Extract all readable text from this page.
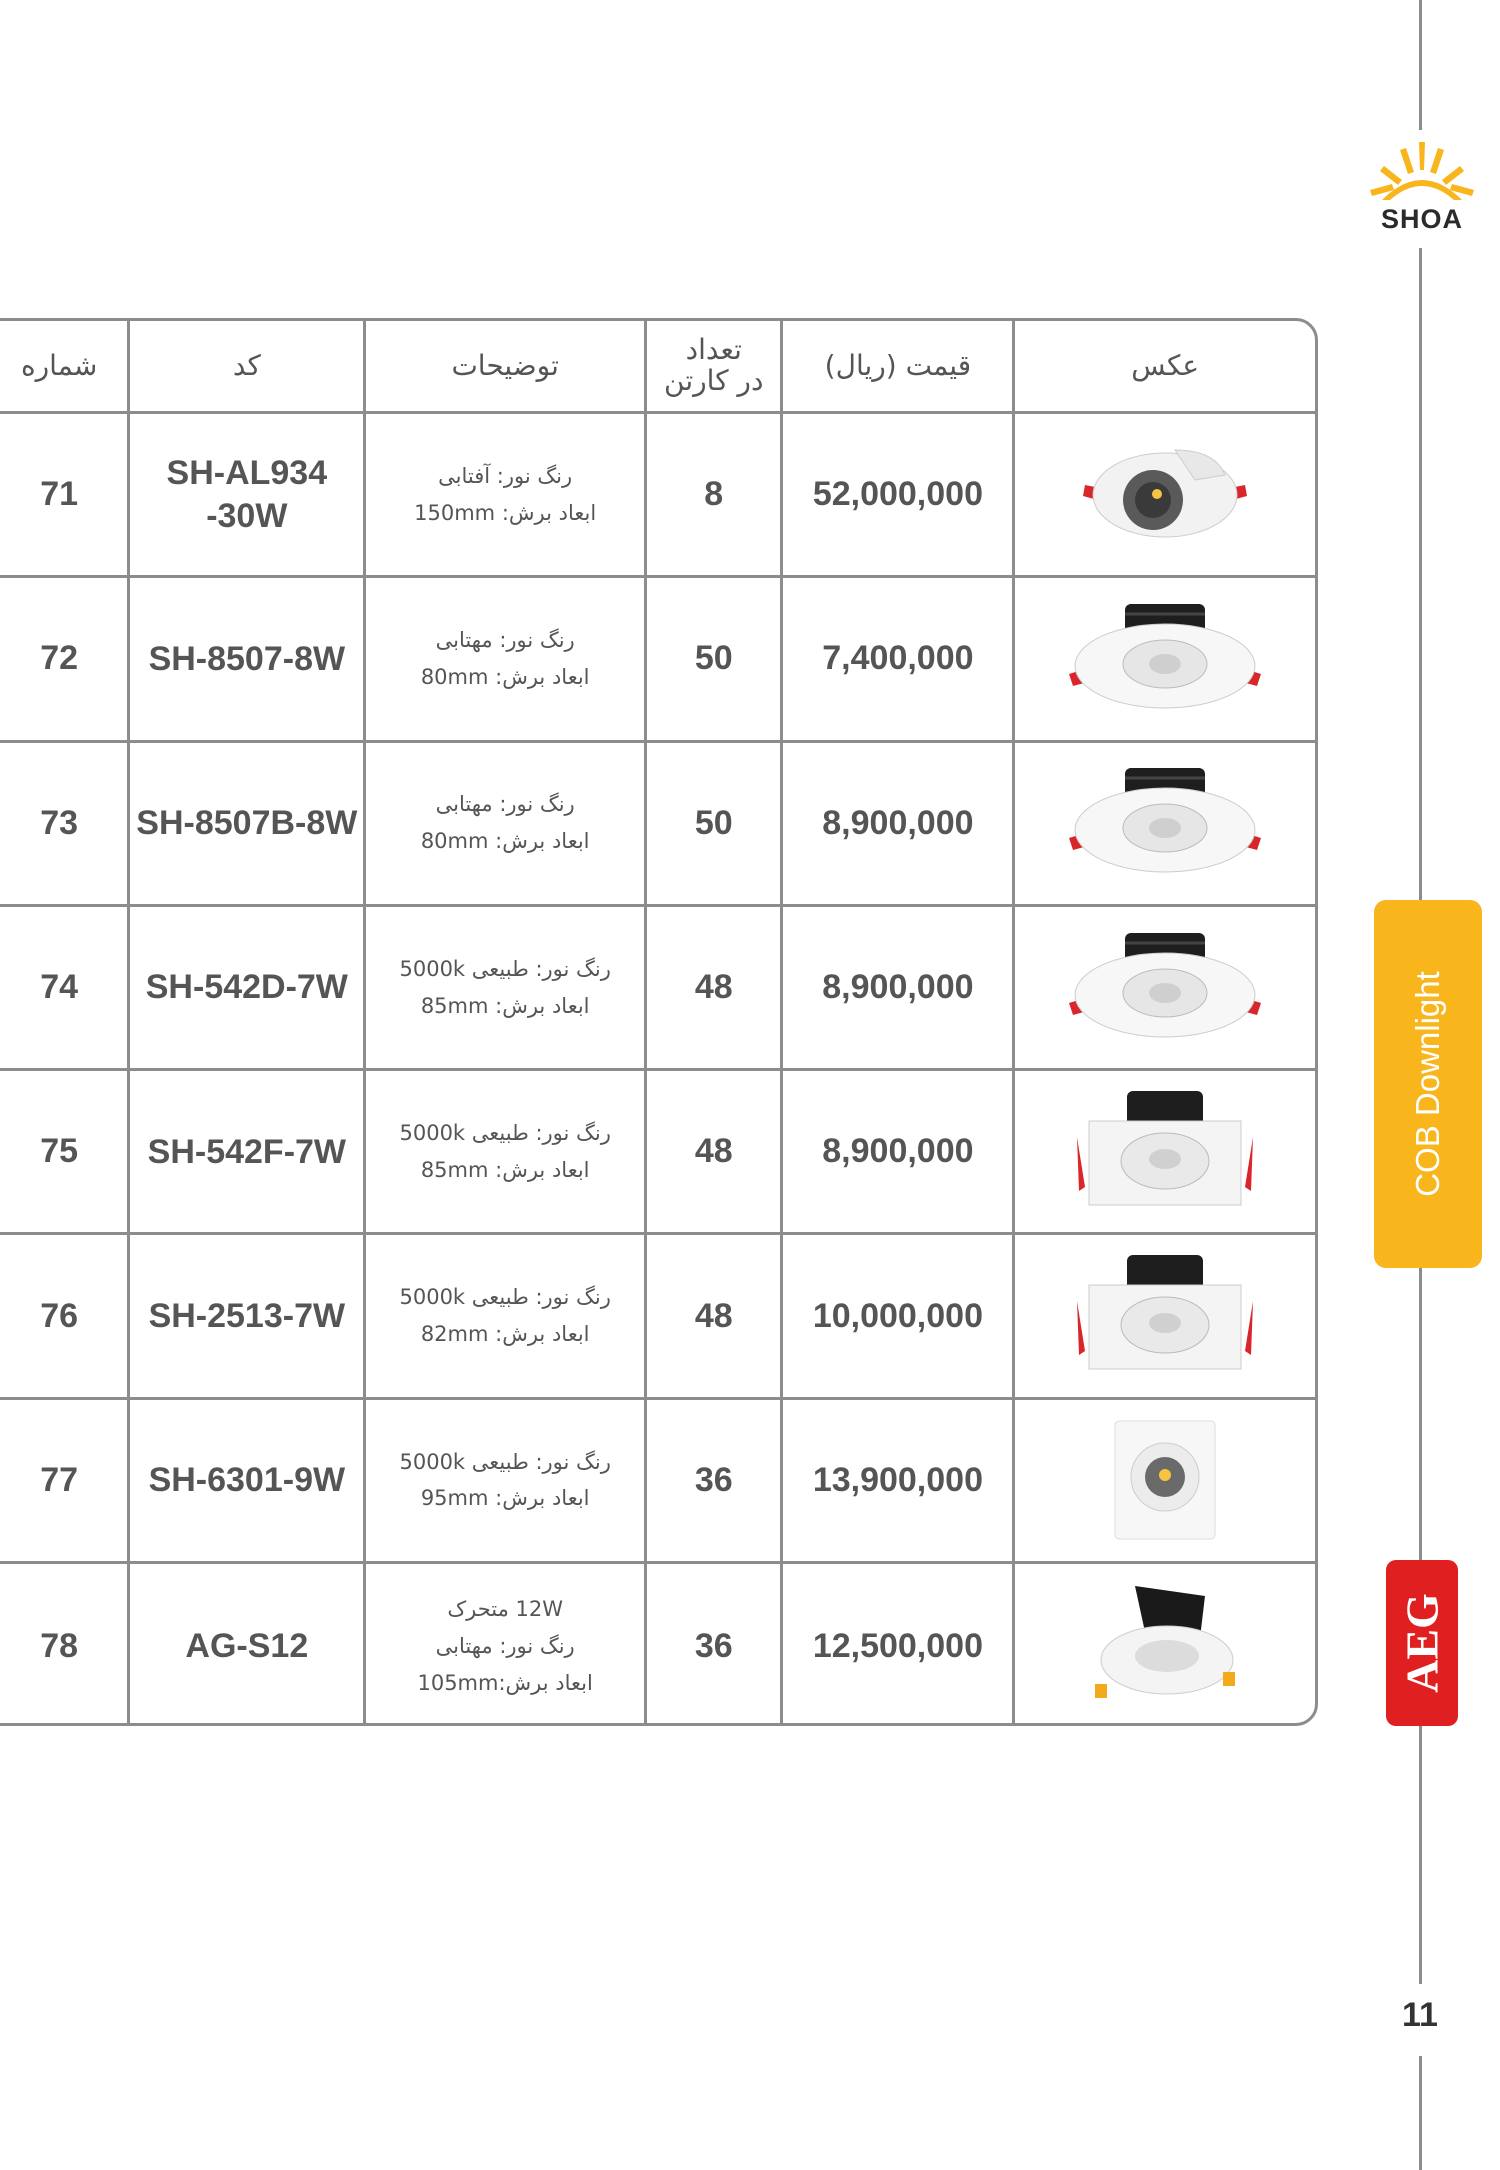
SHOA
COB Downlight
AEG
11
عکس
قیمت (ریال)
تعداد
در کارتن
توضیحات
کد
شماره
52,000,000
8
رنگ نور: آفتابی
ابعاد برش: 150mm
SH-AL934
-30W
71
7,400,000
50
رنگ نور: مهتابی
ابعاد برش: 80mm
SH-8507-8W
72
8,900,000
50
رنگ نور: مهتابی
ابعاد برش: 80mm
SH-8507B-8W
73
8,900,000
48
رنگ نور: طبیعی 5000k
ابعاد برش: 85mm
SH-542D-7W
74
8,900,000
48
رنگ نور: طبیعی 5000k
ابعاد برش: 85mm
SH-542F-7W
75
10,000,000
48
رنگ نور: طبیعی 5000k
ابعاد برش: 82mm
SH-2513-7W
76
13,900,000
36
رنگ نور: طبیعی 5000k
ابعاد برش: 95mm
SH-6301-9W
77
12,500,000
36
12W متحرک
رنگ نور: مهتابی
ابعاد برش:105mm
AG-S12
78
